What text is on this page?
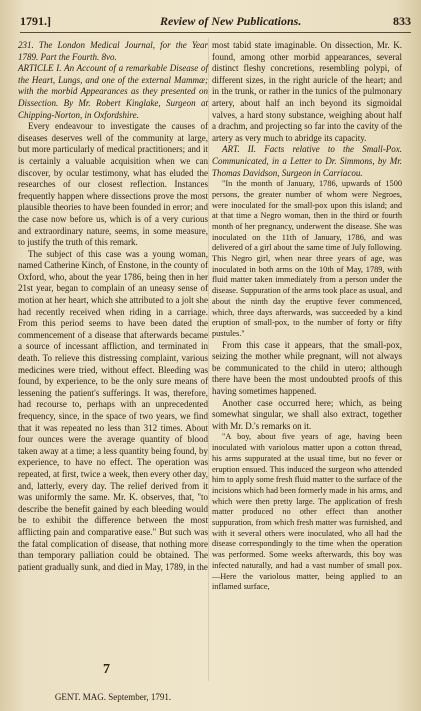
1791.]	Review of New Publications.	833

231. The London Medical Journal, for the Year 1789. Part the Fourth. 8vo.

ARTICLE I. An Account of a remarkable Disease of the Heart, Lungs, and one of the external Mammæ; with the morbid Appearances as they presented on Dissection. By Mr. Robert Kinglake, Surgeon at Chipping-Norton, in Oxfordshire.

Every endeavour to investigate the causes of diseases deserves well of the community at large, but more particularly of medical practitioners; and it is certainly a valuable acquisition when we can discover, by ocular testimony, what has eluded the researches of our closest reflection. Instances frequently happen where dissections prove the most plausible theories to have been founded in error; and the case now before us, which is of a very curious and extraordinary nature, seems, in some measure, to justify the truth of this remark.

The subject of this case was a young woman, named Catherine Kinch, of Enstone, in the county of Oxford, who, about the year 1786, being then in her 21st year, began to complain of an uneasy sense of motion at her heart, which she attributed to a jolt she had recently received when riding in a carriage. From this period seems to have been dated the commencement of a disease that afterwards became a source of incessant affliction, and terminated in death. To relieve this distressing complaint, various medicines were tried, without effect. Bleeding was found, by experience, to be the only sure means of lessening the patient's sufferings. It was, therefore, had recourse to, perhaps with an unprecedented frequency, since, in the space of two years, we find that it was repeated no less than 312 times. About four ounces were the average quantity of blood taken away at a time; a less quantity being found, by experience, to have no effect. The operation was repeated, at first, twice a week, then every other day, and, latterly, every day. The relief derived from it was uniformly the same. Mr. K. observes, that, "to describe the benefit gained by each bleeding would be to exhibit the difference between the most afflicting pain and comparative ease." But such was the fatal complication of disease, that nothing more than temporary palliation could be obtained. The patient gradually sunk, and died in May, 1789, in the

most tabid state imaginable. On dissection, Mr. K. found, among other morbid appearances, several distinct fleshy concretions, resembling polypi, of different sizes, in the right auricle of the heart; and in the trunk, or rather in the tunics of the pulmonary artery, about half an inch beyond its sigmoidal valves, a hard stony substance, weighing about half a drachm, and projecting so far into the cavity of the artery as very much to abridge its capacity.

ART. II. Facts relative to the Small-Pox. Communicated, in a Letter to Dr. Simmons, by Mr. Thomas Davidson, Surgeon in Carriacou.

"In the month of January, 1786, upwards of 1500 persons, the greater number of whom were Negroes, were inoculated for the small-pox upon this island; and at that time a Negro woman, then in the third or fourth month of her pregnancy, underwent the disease. She was inoculated on the 11th of January, 1786, and was delivered of a girl about the same time of July following. This Negro girl, when near three years of age, was inoculated in both arms on the 10th of May, 1789, with fluid matter taken immediately from a person under the disease. Suppuration of the arms took place as usual, and about the ninth day the eruptive fever commenced, which, three days afterwards, was succeeded by a kind eruption of small-pox, to the number of forty or fifty pustules."

From this case it appears, that the small-pox, seizing the mother while pregnant, will not always be communicated to the child in utero; although there have been the most undoubted proofs of this having sometimes happened.

Another case occurred here; which, as being somewhat singular, we shall also extract, together with Mr. D.'s remarks on it.

"A boy, about five years of age, having been inoculated with variolous matter upon a cotton thread, his arms suppurated at the usual time, but no fever or eruption ensued. This induced the surgeon who attended him to apply some fresh fluid matter to the surface of the incisions which had been formerly made in his arms, and which were then pretty large. The application of fresh matter produced no other effect than another suppuration, from which fresh matter was furnished, and with it several others were inoculated, who all had the disease correspondingly to the time when the operation was performed. Some weeks afterwards, this boy was infected naturally, and had a vast number of small pox.—Here the variolous matter, being applied to an inflamed surface,

GENT. MAG. September, 1791.
7
